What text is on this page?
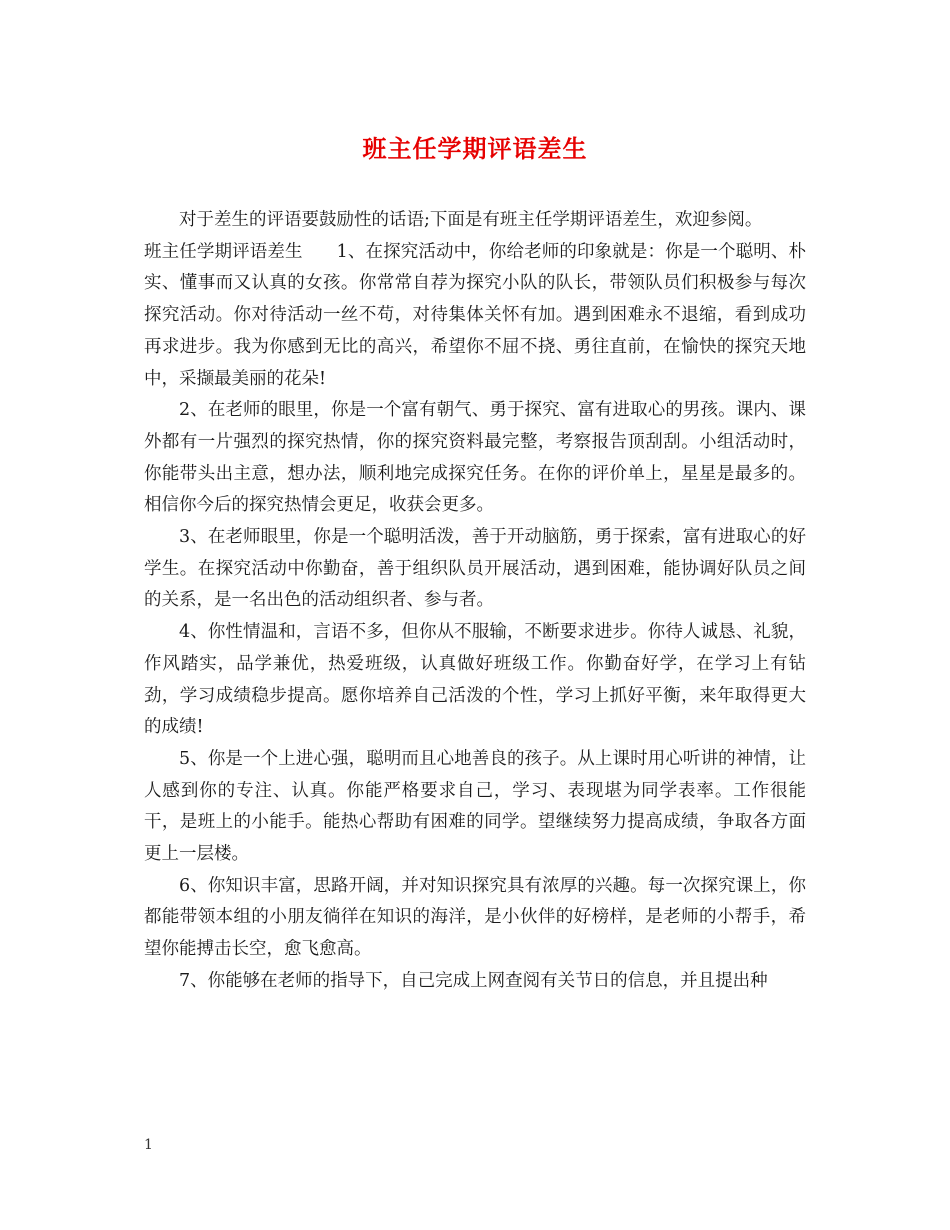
班主任学期评语差生

对于差生的评语要鼓励性的话语;下面是有班主任学期评语差生，欢迎参阅。

班主任学期评语差生 1、在探究活动中，你给老师的印象就是：你是一个聪明、朴实、懂事而又认真的女孩。你常常自荐为探究小队的队长，带领队员们积极参与每次探究活动。你对待活动一丝不苟，对待集体关怀有加。遇到困难永不退缩，看到成功再求进步。我为你感到无比的高兴，希望你不屈不挠、勇往直前，在愉快的探究天地中，采撷最美丽的花朵!

2、在老师的眼里，你是一个富有朝气、勇于探究、富有进取心的男孩。课内、课外都有一片强烈的探究热情，你的探究资料最完整，考察报告顶刮刮。小组活动时，你能带头出主意，想办法，顺利地完成探究任务。在你的评价单上，星星是最多的。相信你今后的探究热情会更足，收获会更多。

3、在老师眼里，你是一个聪明活泼，善于开动脑筋，勇于探索，富有进取心的好学生。在探究活动中你勤奋，善于组织队员开展活动，遇到困难，能协调好队员之间的关系，是一名出色的活动组织者、参与者。

4、你性情温和，言语不多，但你从不服输，不断要求进步。你待人诚恳、礼貌，作风踏实，品学兼优，热爱班级，认真做好班级工作。你勤奋好学，在学习上有钻劲，学习成绩稳步提高。愿你培养自己活泼的个性，学习上抓好平衡，来年取得更大的成绩!

5、你是一个上进心强，聪明而且心地善良的孩子。从上课时用心听讲的神情，让人感到你的专注、认真。你能严格要求自己，学习、表现堪为同学表率。工作很能干，是班上的小能手。能热心帮助有困难的同学。望继续努力提高成绩，争取各方面更上一层楼。

6、你知识丰富，思路开阔，并对知识探究具有浓厚的兴趣。每一次探究课上，你都能带领本组的小朋友徜徉在知识的海洋，是小伙伴的好榜样，是老师的小帮手，希望你能搏击长空，愈飞愈高。

7、你能够在老师的指导下，自己完成上网查阅有关节日的信息，并且提出种

1
